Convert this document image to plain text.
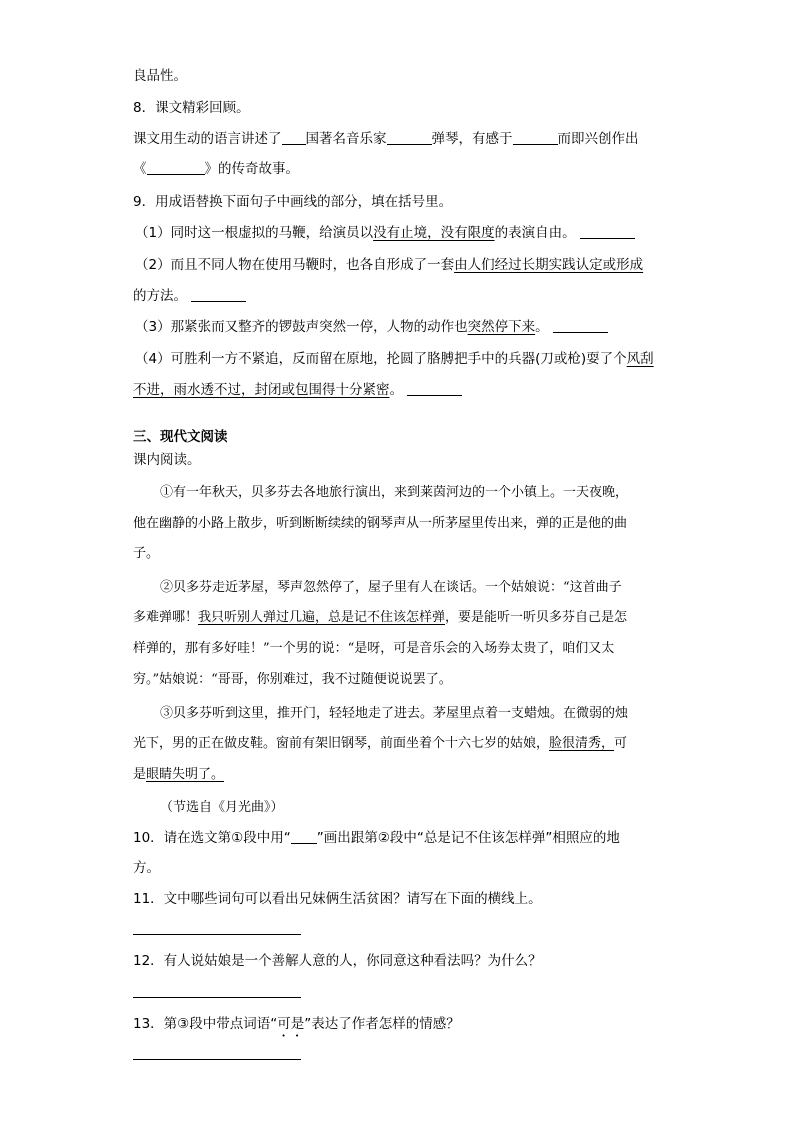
良品性。
8．课文精彩回顾。
课文用生动的语言讲述了 国著名音乐家	弹琴，有感于	而即兴创作出
《	》的传奇故事。
9．用成语替换下面句子中画线的部分，填在括号里。
（1）同时这一根虚拟的马鞭，给演员以没有止境，没有限度的表演自由。
（2）而且不同人物在使用马鞭时，也各自形成了一套由人们经过长期实践认定或形成
的方法。
（3）那紧张而又整齐的锣鼓声突然一停，人物的动作也突然停下来。
（4）可胜利一方不紧追，反而留在原地，抡圆了胳膊把手中的兵器(刀或枪)耍了个风刮
不进，雨水透不过，封闭或包围得十分紧密。
三、现代文阅读
课内阅读。
①有一年秋天，贝多芬去各地旅行演出，来到莱茵河边的一个小镇上。一天夜晚，
他在幽静的小路上散步，听到断断续续的钢琴声从一所茅屋里传出来，弹的正是他的曲
子。
②贝多芬走近茅屋，琴声忽然停了，屋子里有人在谈话。一个姑娘说：“这首曲子
多难弹哪！我只听别人弹过几遍，总是记不住该怎样弹，要是能听一听贝多芬自己是怎
样弹的，那有多好哇！”一个男的说：“是呀，可是音乐会的入场券太贵了，咱们又太
穷。”姑娘说：“哥哥，你别难过，我不过随便说说罢了。
③贝多芬听到这里，推开门，轻轻地走了进去。茅屋里点着一支蜡烛。在微弱的烛
光下，男的正在做皮鞋。窗前有架旧钢琴，前面坐着个十六七岁的姑娘，脸很清秀，可
是眼睛失明了。
（节选自《月光曲》）
10．请在选文第①段中用“ ”画出跟第②段中“总是记不住该怎样弹”相照应的地
方。
11．文中哪些词句可以看出兄妹俩生活贫困？请写在下面的横线上。
12．有人说姑娘是一个善解人意的人，你同意这种看法吗？为什么？
13．第③段中带点词语“可是”表达了作者怎样的情感？
